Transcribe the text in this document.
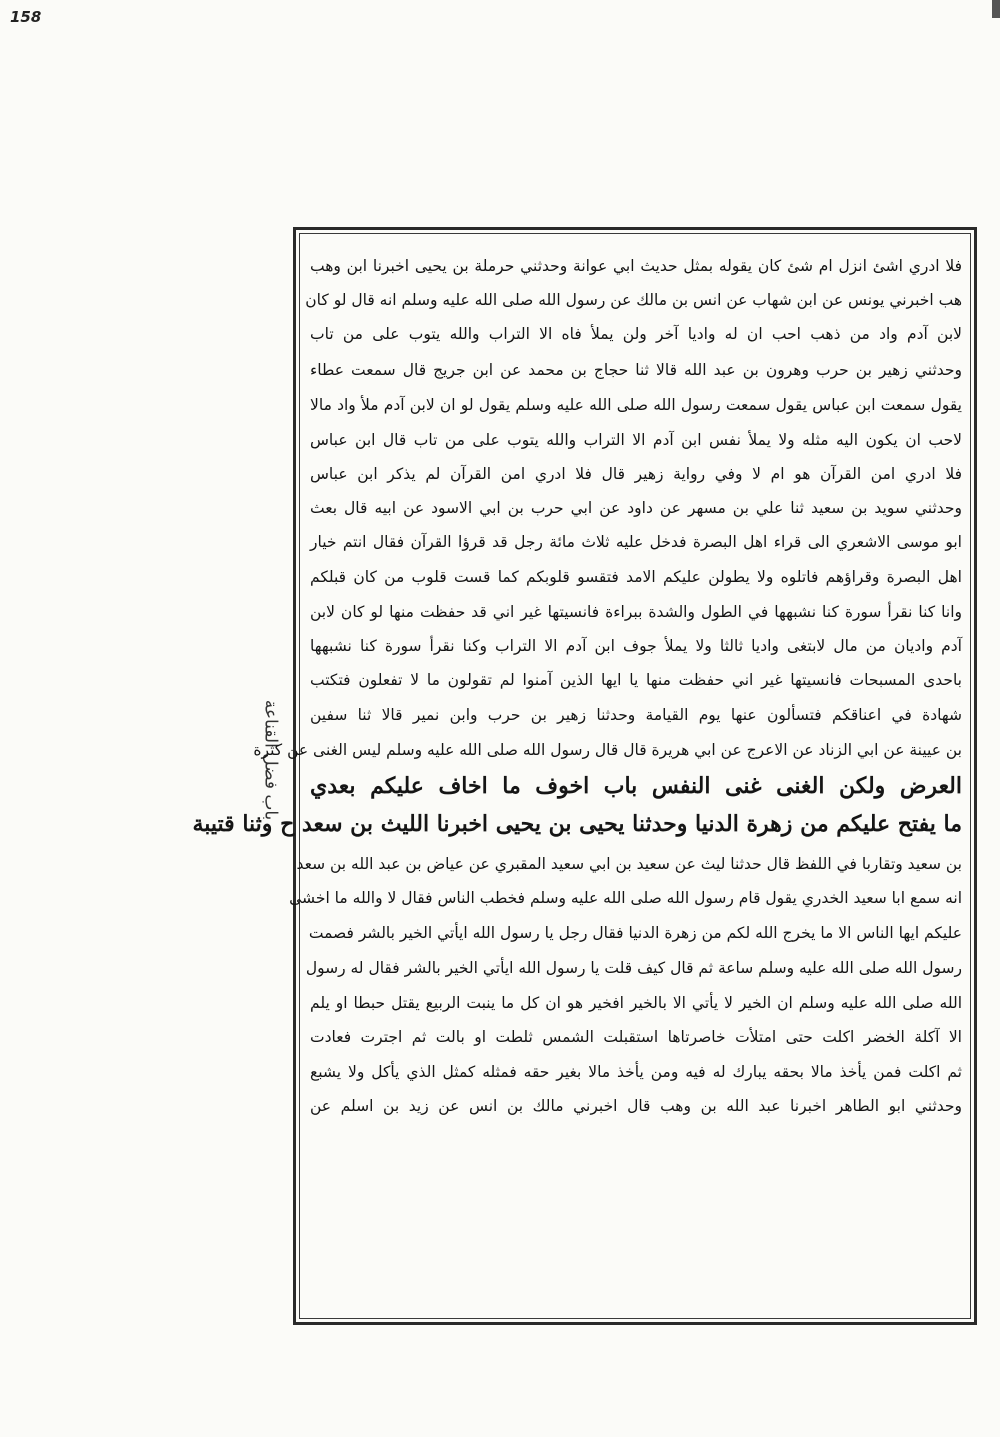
158
باب فضل القناعة
فلا ادري اشئ انزل ام شئ كان يقوله بمثل حديث ابي عوانة وحدثني حرملة بن يحيى اخبرنا ابن وهب
هب اخبرني يونس عن ابن شهاب عن انس بن مالك عن رسول الله صلى الله عليه وسلم انه قال لو كان
لابن آدم واد من ذهب احب ان له واديا آخر ولن يملأ فاه الا التراب والله يتوب على من تاب
وحدثني زهير بن حرب وهرون بن عبد الله قالا ثنا حجاج بن محمد عن ابن جريج قال سمعت عطاء
يقول سمعت ابن عباس يقول سمعت رسول الله صلى الله عليه وسلم يقول لو ان لابن آدم ملأ واد مالا
لاحب ان يكون اليه مثله ولا يملأ نفس ابن آدم الا التراب والله يتوب على من تاب قال ابن عباس
فلا ادري امن القرآن هو ام لا وفي رواية زهير قال فلا ادري امن القرآن لم يذكر ابن عباس
وحدثني سويد بن سعيد ثنا علي بن مسهر عن داود عن ابي حرب بن ابي الاسود عن ابيه قال بعث
ابو موسى الاشعري الى قراء اهل البصرة فدخل عليه ثلاث مائة رجل قد قرؤا القرآن فقال انتم خيار
اهل البصرة وقراؤهم فاتلوه ولا يطولن عليكم الامد فتقسو قلوبكم كما قست قلوب من كان قبلكم
وانا كنا نقرأ سورة كنا نشبهها في الطول والشدة ببراءة فانسيتها غير اني قد حفظت منها لو كان لابن
آدم واديان من مال لابتغى واديا ثالثا ولا يملأ جوف ابن آدم الا التراب وكنا نقرأ سورة كنا نشبهها
باحدى المسبحات فانسيتها غير اني حفظت منها يا ايها الذين آمنوا لم تقولون ما لا تفعلون فتكتب
شهادة في اعناقكم فتسألون عنها يوم القيامة وحدثنا زهير بن حرب وابن نمير قالا ثنا سفين
بن عيينة عن ابي الزناد عن الاعرج عن ابي هريرة قال قال رسول الله صلى الله عليه وسلم ليس الغنى عن كثرة
العرض ولكن الغنى غنى النفس باب اخوف ما اخاف عليكم بعدي
ما يفتح عليكم من زهرة الدنيا وحدثنا يحيى بن يحيى اخبرنا الليث بن سعد ح وثنا قتيبة
بن سعيد وتقاربا في اللفظ قال حدثنا ليث عن سعيد بن ابي سعيد المقبري عن عياض بن عبد الله بن سعد
انه سمع ابا سعيد الخدري يقول قام رسول الله صلى الله عليه وسلم فخطب الناس فقال لا والله ما اخشى
عليكم ايها الناس الا ما يخرج الله لكم من زهرة الدنيا فقال رجل يا رسول الله ايأتي الخير بالشر فصمت
رسول الله صلى الله عليه وسلم ساعة ثم قال كيف قلت يا رسول الله ايأتي الخير بالشر فقال له رسول
الله صلى الله عليه وسلم ان الخير لا يأتي الا بالخير افخير هو ان كل ما ينبت الربيع يقتل حبطا او يلم
الا آكلة الخضر اكلت حتى امتلأت خاصرتاها استقبلت الشمس ثلطت او بالت ثم اجترت فعادت
ثم اكلت فمن يأخذ مالا بحقه يبارك له فيه ومن يأخذ مالا بغير حقه فمثله كمثل الذي يأكل ولا يشبع
وحدثني ابو الطاهر اخبرنا عبد الله بن وهب قال اخبرني مالك بن انس عن زيد بن اسلم عن
